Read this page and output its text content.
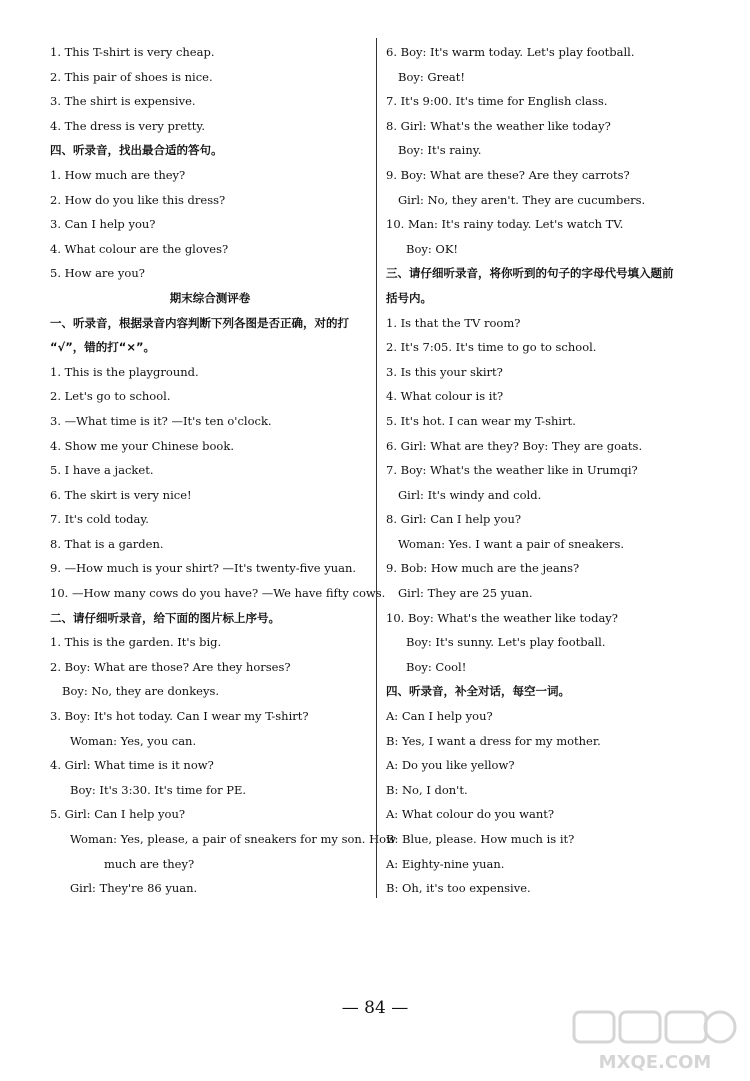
1. This T-shirt is very cheap.
2. This pair of shoes is nice.
3. The shirt is expensive.
4. The dress is very pretty.
四、听录音，找出最合适的答句。
1. How much are they?
2. How do you like this dress?
3. Can I help you?
4. What colour are the gloves?
5. How are you?
期末综合测评卷
一、听录音，根据录音内容判断下列各图是否正确，对的打
“√”，错的打“×”。
1. This is the playground.
2. Let's go to school.
3. —What time is it? —It's ten o'clock.
4. Show me your Chinese book.
5. I have a jacket.
6. The skirt is very nice!
7. It's cold today.
8. That is a garden.
9. —How much is your shirt? —It's twenty-five yuan.
10. —How many cows do you have? —We have fifty cows.
二、请仔细听录音，给下面的图片标上序号。
1. This is the garden. It's big.
2. Boy: What are those? Are they horses?
Boy: No, they are donkeys.
3. Boy: It's hot today. Can I wear my T-shirt?
Woman: Yes, you can.
4. Girl: What time is it now?
Boy: It's 3:30. It's time for PE.
5. Girl: Can I help you?
Woman: Yes, please, a pair of sneakers for my son. How
much are they?
Girl: They're 86 yuan.
6. Boy: It's warm today. Let's play football.
Boy: Great!
7. It's 9:00. It's time for English class.
8. Girl: What's the weather like today?
Boy: It's rainy.
9. Boy: What are these? Are they carrots?
Girl: No, they aren't. They are cucumbers.
10. Man: It's rainy today. Let's watch TV.
Boy: OK!
三、请仔细听录音，将你听到的句子的字母代号填入题前
括号内。
1. Is that the TV room?
2. It's 7:05. It's time to go to school.
3. Is this your skirt?
4. What colour is it?
5. It's hot. I can wear my T-shirt.
6. Girl: What are they? Boy: They are goats.
7. Boy: What's the weather like in Urumqi?
Girl: It's windy and cold.
8. Girl: Can I help you?
Woman: Yes. I want a pair of sneakers.
9. Bob: How much are the jeans?
Girl: They are 25 yuan.
10. Boy: What's the weather like today?
Boy: It's sunny. Let's play football.
Boy: Cool!
四、听录音，补全对话，每空一词。
A: Can I help you?
B: Yes, I want a dress for my mother.
A: Do you like yellow?
B: No, I don't.
A: What colour do you want?
B: Blue, please. How much is it?
A: Eighty-nine yuan.
B: Oh, it's too expensive.
— 84 —
MXQE.COM
